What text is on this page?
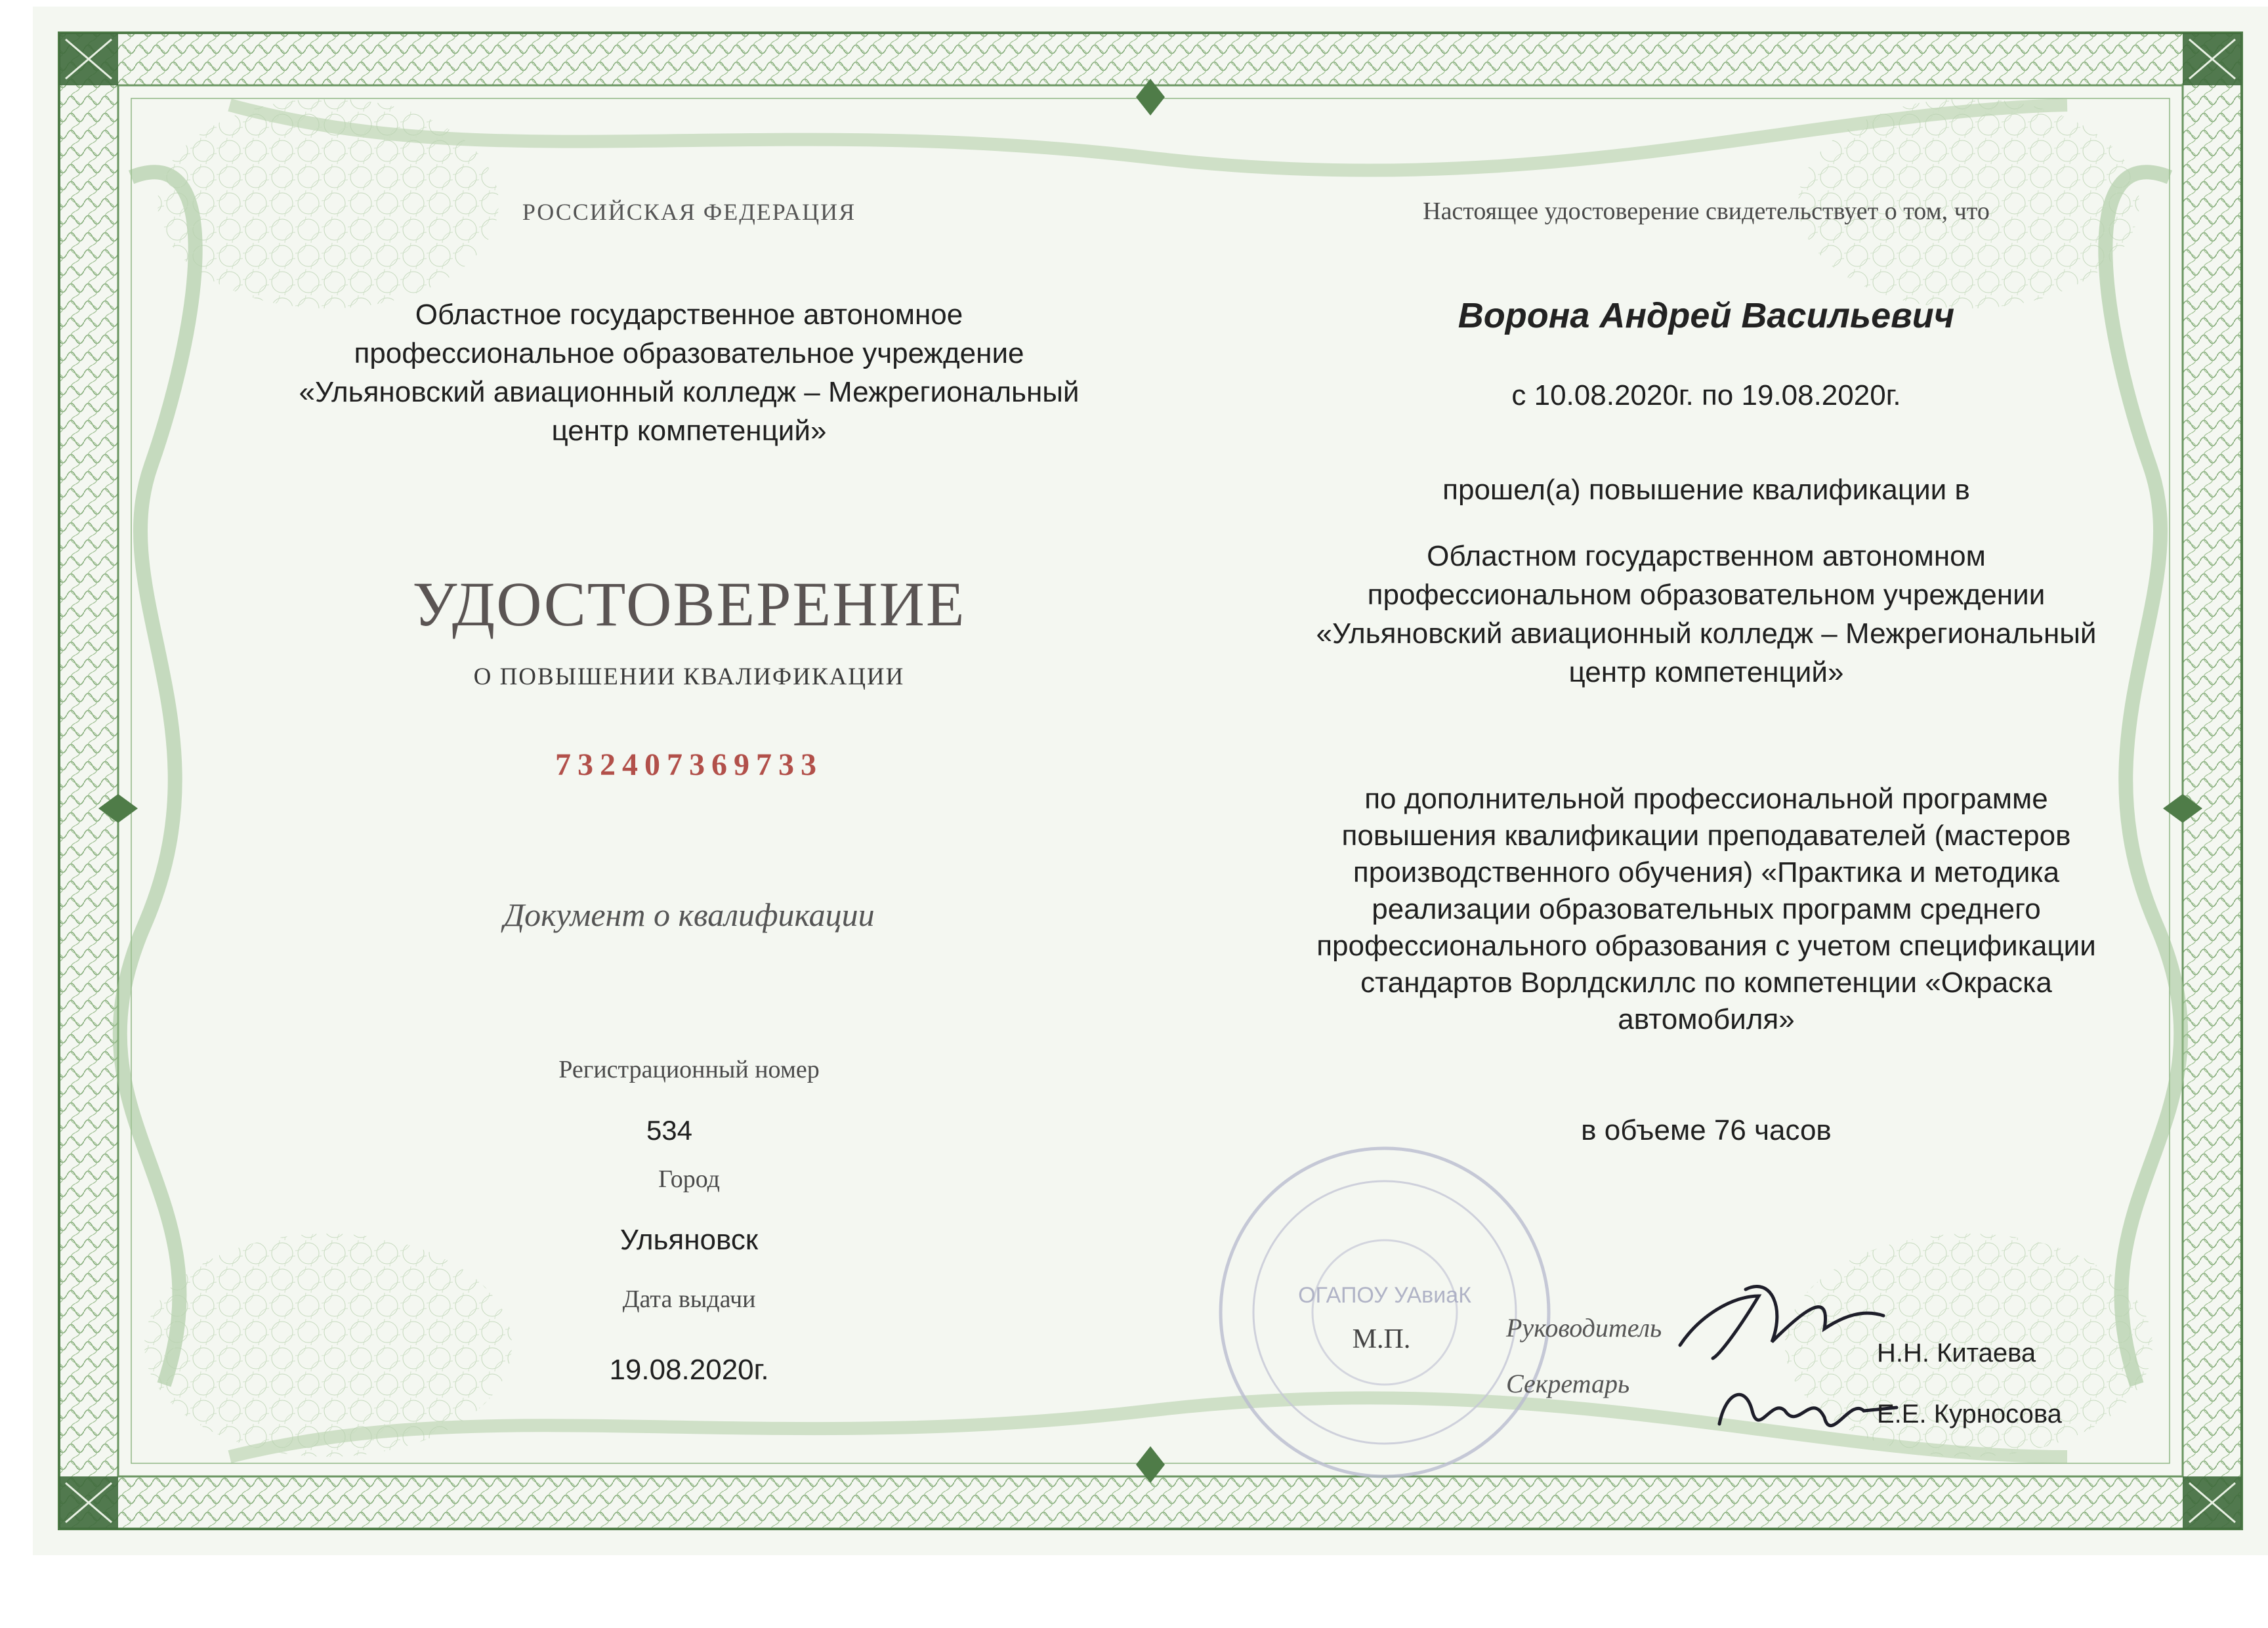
РОССИЙСКАЯ ФЕДЕРАЦИЯ
Областное государственное автономное
профессиональное образовательное учреждение
«Ульяновский авиационный колледж – Межрегиональный
центр компетенций»
УДОСТОВЕРЕНИЕ
О ПОВЫШЕНИИ КВАЛИФИКАЦИИ
732407369733
Документ о квалификации
Регистрационный номер
534
Город
Ульяновск
Дата выдачи
19.08.2020г.
Настоящее удостоверение свидетельствует о том, что
Ворона Андрей Васильевич
с 10.08.2020г. по 19.08.2020г.
прошел(а) повышение квалификации в
Областном государственном автономном
профессиональном образовательном учреждении
«Ульяновский авиационный колледж – Межрегиональный
центр компетенций»
по дополнительной профессиональной программе
повышения квалификации преподавателей (мастеров
производственного обучения) «Практика и методика
реализации образовательных программ среднего
профессионального образования с учетом спецификации
стандартов Ворлдскиллс по компетенции «Окраска
автомобиля»
в объеме 76 часов
ОГАПОУ УАвиаК
М.П.	Руководитель
Н.Н. Китаева
Секретарь
Е.Е. Курносова
